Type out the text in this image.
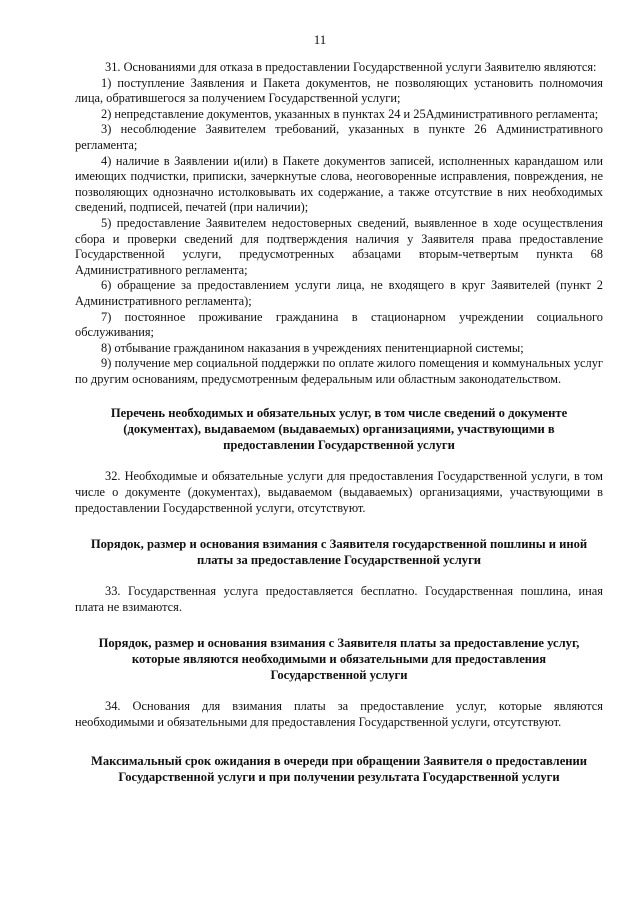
11

31. Основаниями для отказа в предоставлении Государственной услуги Заявителю являются:

1) поступление Заявления и Пакета документов, не позволяющих установить полномочия лица, обратившегося за получением Государственной услуги;

2) непредставление документов, указанных в пунктах 24 и 25Административного регламента;

3) несоблюдение Заявителем требований, указанных в пункте 26 Административного регламента;

4) наличие в Заявлении и(или) в Пакете документов записей, исполненных карандашом или имеющих подчистки, приписки, зачеркнутые слова, неоговоренные исправления, повреждения, не позволяющих однозначно истолковывать их содержание, а также отсутствие в них необходимых сведений, подписей, печатей (при наличии);

5) предоставление Заявителем недостоверных сведений, выявленное в ходе осуществления сбора и проверки сведений для подтверждения наличия у Заявителя права предоставление Государственной услуги, предусмотренных абзацами вторым-четвертым пункта 68 Административного регламента;

6) обращение за предоставлением услуги лица, не входящего в круг Заявителей (пункт 2 Административного регламента);

7) постоянное проживание гражданина в стационарном учреждении социального обслуживания;

8) отбывание гражданином наказания в учреждениях пенитенциарной системы;

9) получение мер социальной поддержки по оплате жилого помещения и коммунальных услуг по другим основаниям, предусмотренным федеральным или областным законодательством.

Перечень необходимых и обязательных услуг, в том числе сведений о документе (документах), выдаваемом (выдаваемых) организациями, участвующими в предоставлении Государственной услуги

32. Необходимые и обязательные услуги для предоставления Государственной услуги, в том числе о документе (документах), выдаваемом (выдаваемых) организациями, участвующими в предоставлении Государственной услуги, отсутствуют.

Порядок, размер и основания взимания с Заявителя государственной пошлины и иной платы за предоставление Государственной услуги

33. Государственная услуга предоставляется бесплатно. Государственная пошлина, иная плата не взимаются.

Порядок, размер и основания взимания с Заявителя платы за предоставление услуг, которые являются необходимыми и обязательными для предоставления Государственной услуги

34. Основания для взимания платы за предоставление услуг, которые являются необходимыми и обязательными для предоставления Государственной услуги, отсутствуют.

Максимальный срок ожидания в очереди при обращении Заявителя о предоставлении Государственной услуги и при получении результата Государственной услуги
